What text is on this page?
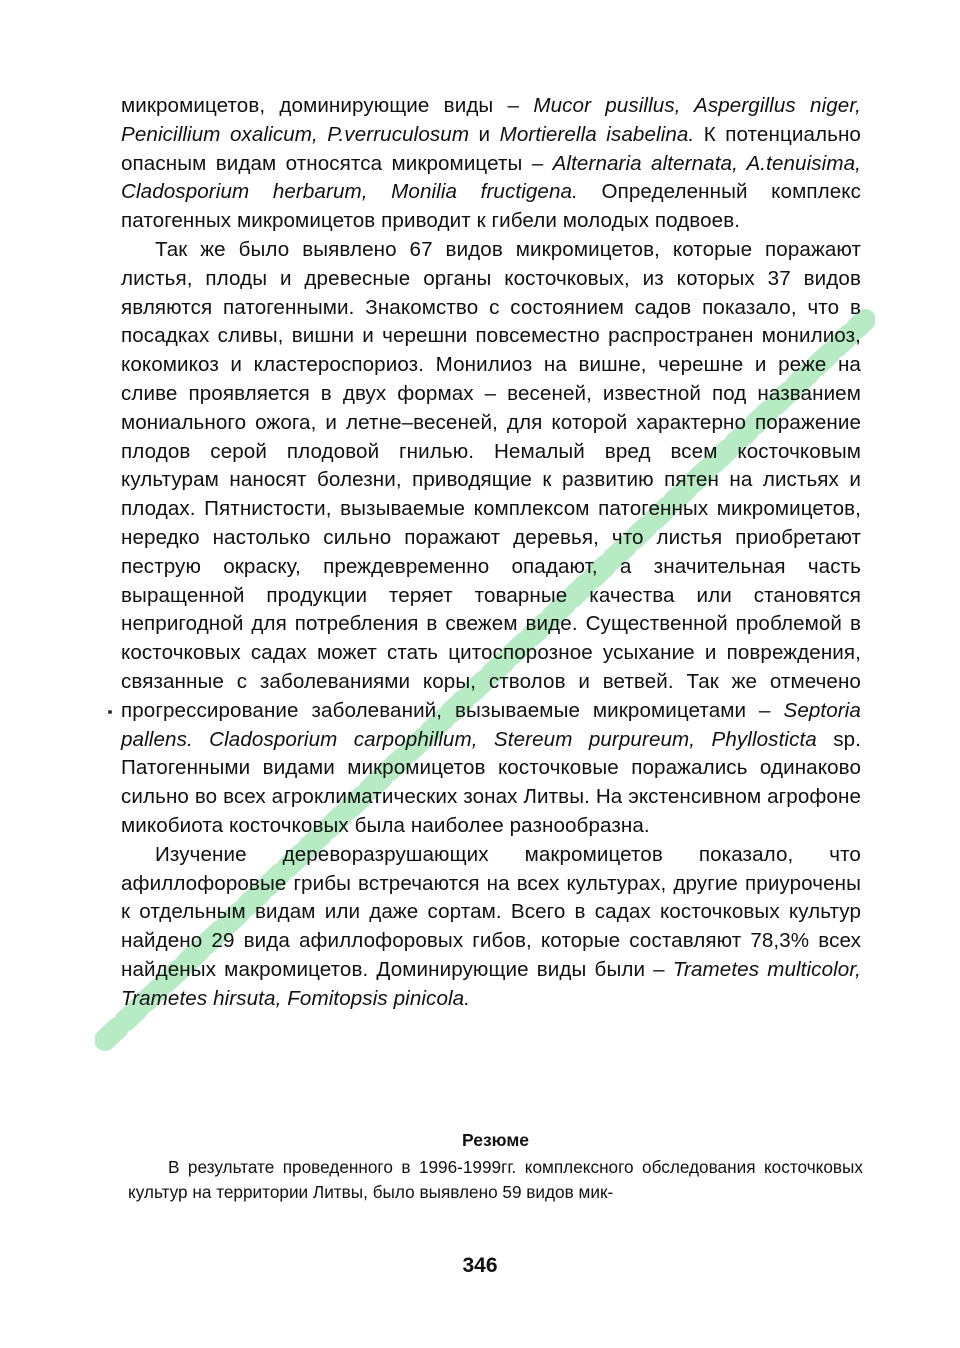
микромицетов, доминирующие виды – Mucor pusillus, Aspergillus niger, Penicillium oxalicum, P.verruculosum и Mortierella isabelina. К потенциально опасным видам относятса микромицеты – Alternaria alternata, A.tenuisima, Cladosporium herbarum, Monilia fructigena. Определенный комплекс патогенных микромицетов приводит к гибели молодых подвоев.

Так же было выявлено 67 видов микромицетов, которые поражают листья, плоды и древесные органы косточковых, из которых 37 видов являются патогенными. Знакомство с состоянием садов показало, что в посадках сливы, вишни и черешни повсеместно распространен монилиоз, кокомикоз и кластероспориоз. Монилиоз на вишне, черешне и реже на сливе проявляется в двух формах – весеней, известной под названием мониального ожога, и летне–весеней, для которой характерно поражение плодов серой плодовой гнилью. Немалый вред всем косточковым культурам наносят болезни, приводящие к развитию пятен на листьях и плодах. Пятнистости, вызываемые комплексом патогенных микромицетов, нередко настолько сильно поражают деревья, что листья приобретают пеструю окраску, преждевременно опадают, а значительная часть выращенной продукции теряет товарные качества или становятся непригодной для потребления в свежем виде. Существенной проблемой в косточковых садах может стать цитоспорозное усыхание и повреждения, связанные с заболеваниями коры, стволов и ветвей. Так же отмечено прогрессирование заболеваний, вызываемые микромицетами – Septoria pallens. Cladosporium carpophillum, Stereum purpureum, Phyllosticta sp. Патогенными видами микромицетов косточковые поражались одинаково сильно во всех агроклиматических зонах Литвы. На экстенсивном агрофоне микобиота косточковых была наиболее разнообразна.

Изучение дереворазрушающих макромицетов показало, что афиллофоровые грибы встречаются на всех культурах, другие приурочены к отдельным видам или даже сортам. Всего в садах косточковых культур найдено 29 вида афиллофоровых гибов, которые составляют 78,3% всех найденых макромицетов. Доминирующие виды были – Trametes multicolor, Trametes hirsuta, Fomitopsis pinicola.

Резюме

В результате проведенного в 1996-1999гг. комплексного обследования косточковых культур на территории Литвы, было выявлено 59 видов мик-

346
